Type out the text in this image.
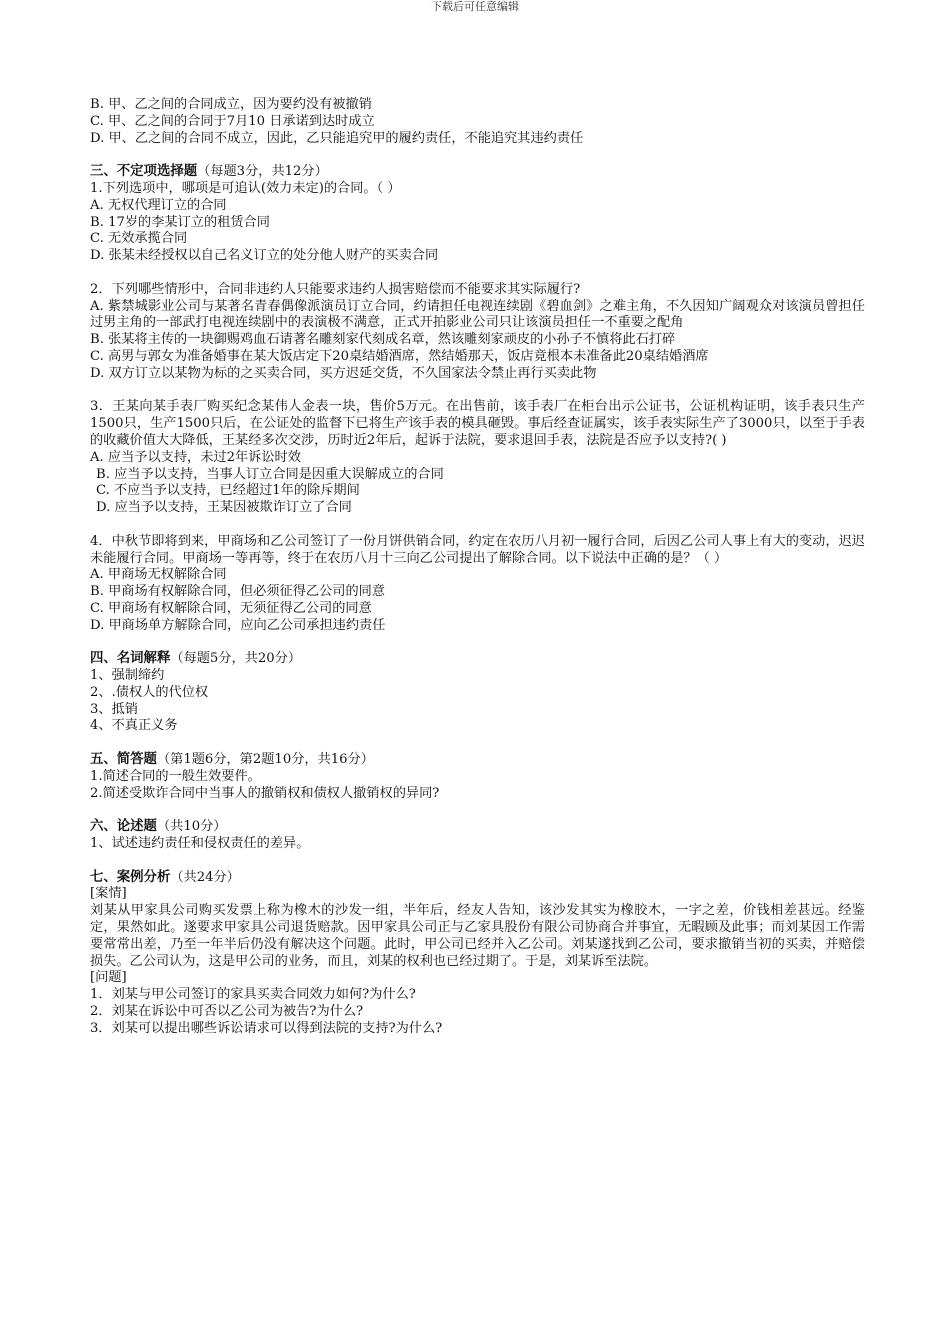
下载后可任意编辑
B. 甲、乙之间的合同成立，因为要约没有被撤销
C. 甲、乙之间的合同于7月10 日承诺到达时成立
D. 甲、乙之间的合同不成立，因此，乙只能追究甲的履约责任，不能追究其违约责任
三、不定项选择题（每题3分，共12分）
1.下列选项中，哪项是可追认(效力未定)的合同。（ ）
A. 无权代理订立的合同
B. 17岁的李某订立的租赁合同
C. 无效承揽合同
D. 张某未经授权以自己名义订立的处分他人财产的买卖合同
2．下列哪些情形中，合同非违约人只能要求违约人损害赔偿而不能要求其实际履行?
A. 紫禁城影业公司与某著名青春偶像派演员订立合同，约请担任电视连续剧《碧血剑》之难主角，不久因知广阔观众对该演员曾担任过男主角的一部武打电视连续剧中的表演极不满意，正式开拍影业公司只让该演员担任一不重要之配角
B. 张某将主传的一块御赐鸡血石请著名雕刻家代刻成名章，然该雕刻家顽皮的小孙子不慎将此石打碎
C. 高男与郭女为准备婚事在某大饭店定下20桌结婚酒席，然结婚那天，饭店竟根本未准备此20桌结婚酒席
D. 双方订立以某物为标的之买卖合同，买方迟延交货，不久国家法令禁止再行买卖此物
3．王某向某手表厂购买纪念某伟人金表一块，售价5万元。在出售前，该手表厂在柜台出示公证书，公证机构证明，该手表只生产1500只，生产1500只后，在公证处的监督下已将生产该手表的模具砸毁。事后经查证属实，该手表实际生产了3000只，以至于手表的收藏价值大大降低，王某经多次交涉，历时近2年后，起诉于法院，要求退回手表，法院是否应予以支持?( )
A. 应当予以支持，未过2年诉讼时效
B. 应当予以支持，当事人订立合同是因重大误解成立的合同
C. 不应当予以支持，已经超过1年的除斥期间
D. 应当予以支持，王某因被欺诈订立了合同
4．中秋节即将到来，甲商场和乙公司签订了一份月饼供销合同，约定在农历八月初一履行合同，后因乙公司人事上有大的变动，迟迟未能履行合同。甲商场一等再等，终于在农历八月十三向乙公司提出了解除合同。以下说法中正确的是？（ ）
A. 甲商场无权解除合同
B. 甲商场有权解除合同，但必须征得乙公司的同意
C. 甲商场有权解除合同，无须征得乙公司的同意
D. 甲商场单方解除合同，应向乙公司承担违约责任
四、名词解释（每题5分，共20分）
1、强制缔约
2、.债权人的代位权
3、抵销
4、不真正义务
五、简答题（第1题6分，第2题10分，共16分）
1.简述合同的一般生效要件。
2.简述受欺诈合同中当事人的撤销权和债权人撤销权的异同?
六、论述题（共10分）
1、试述违约责任和侵权责任的差异。
七、案例分析（共24分）
[案情]
刘某从甲家具公司购买发票上称为橡木的沙发一组，半年后，经友人告知，该沙发其实为橡胶木，一字之差，价钱相差甚远。经鉴定，果然如此。遂要求甲家具公司退货赔款。因甲家具公司正与乙家具股份有限公司协商合并事宜，无暇顾及此事；而刘某因工作需要常常出差，乃至一年半后仍没有解决这个问题。此时，甲公司已经并入乙公司。刘某遂找到乙公司，要求撤销当初的买卖，并赔偿损失。乙公司认为，这是甲公司的业务，而且，刘某的权利也已经过期了。于是，刘某诉至法院。
[问题]
1．刘某与甲公司签订的家具买卖合同效力如何?为什么?
2．刘某在诉讼中可否以乙公司为被告?为什么?
3．刘某可以提出哪些诉讼请求可以得到法院的支持?为什么?
